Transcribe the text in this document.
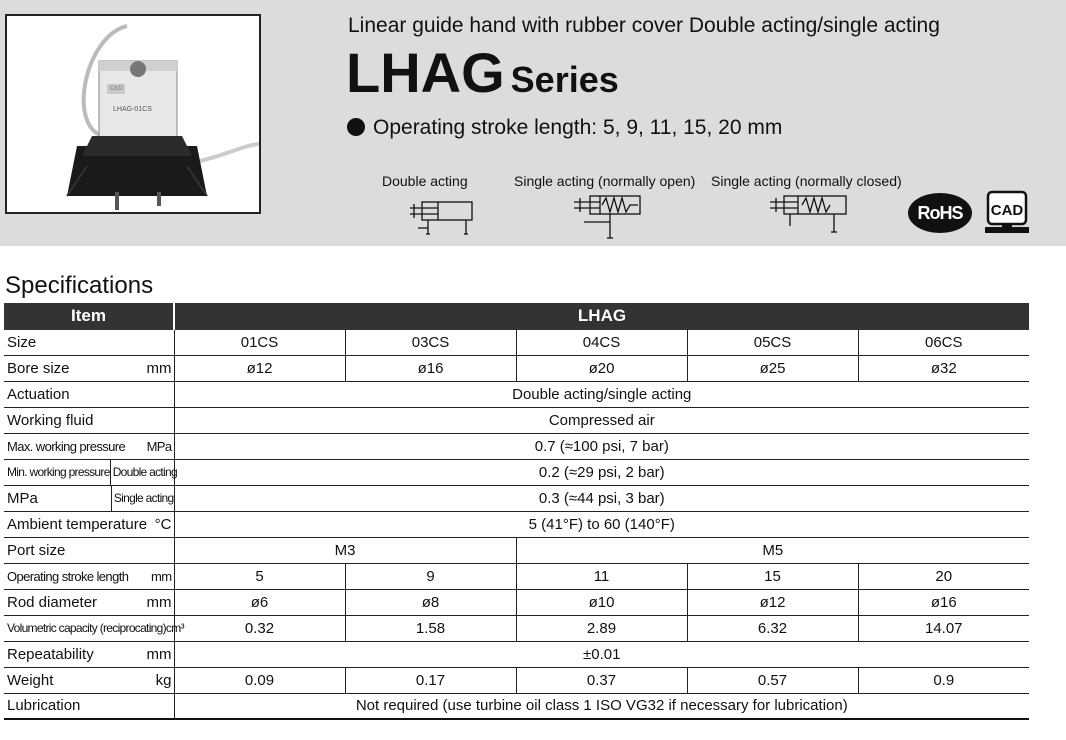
LHAG-01CS
CKD
Linear guide hand with rubber cover Double acting/single acting
LHAG Series
Operating stroke length: 5, 9, 11, 15, 20 mm
Double acting	Single acting (normally open) Single acting (normally closed)
RoHS	CAD
Specifications
Item	LHAG				
Size	01CS	03CS	04CS	05CS	06CS

Bore size mm	ø12	ø16	ø20	ø25	ø32
Actuation	Double acting/single acting				
Working fluid	Compressed air				

Max. working pressure MPa	0.7 (≈100 psi, 7 bar)				

Min. working pressure Double acting	0.2 (≈29 psi, 2 bar)				

MPa Single acting	0.3 (≈44 psi, 3 bar)				

Ambient temperature °C	5 (41°F) to 60 (140°F)				
Port size	M3		M5		

Operating stroke length mm	5	9	11	15	20

Rod diameter mm	ø6	ø8	ø10	ø12	ø16

Volumetric capacity (reciprocating) cm³	0.32	1.58	2.89	6.32	14.07

Repeatability mm	±0.01				

Weight kg	0.09	0.17	0.37	0.57	0.9
Lubrication	Not required (use turbine oil class 1 ISO VG32 if necessary for lubrication)				
